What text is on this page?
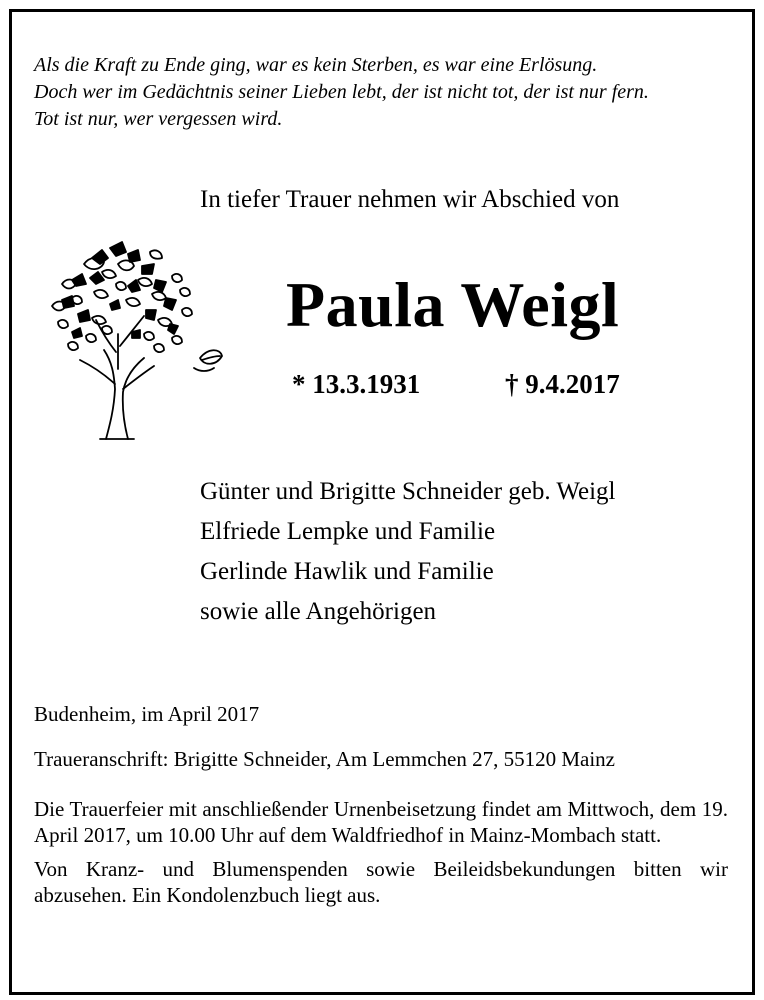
Als die Kraft zu Ende ging, war es kein Sterben, es war eine Erlösung.
Doch wer im Gedächtnis seiner Lieben lebt, der ist nicht tot, der ist nur fern.
Tot ist nur, wer vergessen wird.
In tiefer Trauer nehmen wir Abschied von
Paula Weigl
* 13.3.1931	† 9.4.2017
Günter und Brigitte Schneider geb. Weigl
Elfriede Lempke und Familie
Gerlinde Hawlik und Familie
sowie alle Angehörigen
Budenheim, im April 2017
Traueranschrift: Brigitte Schneider, Am Lemmchen 27, 55120 Mainz

Die Trauerfeier mit anschließender Urnenbeisetzung findet am Mittwoch, dem 19. April 2017, um 10.00 Uhr auf dem Waldfriedhof in Mainz-Mombach statt.

Von Kranz- und Blumenspenden sowie Beileidsbekundungen bitten wir abzusehen. Ein Kondolenzbuch liegt aus.
